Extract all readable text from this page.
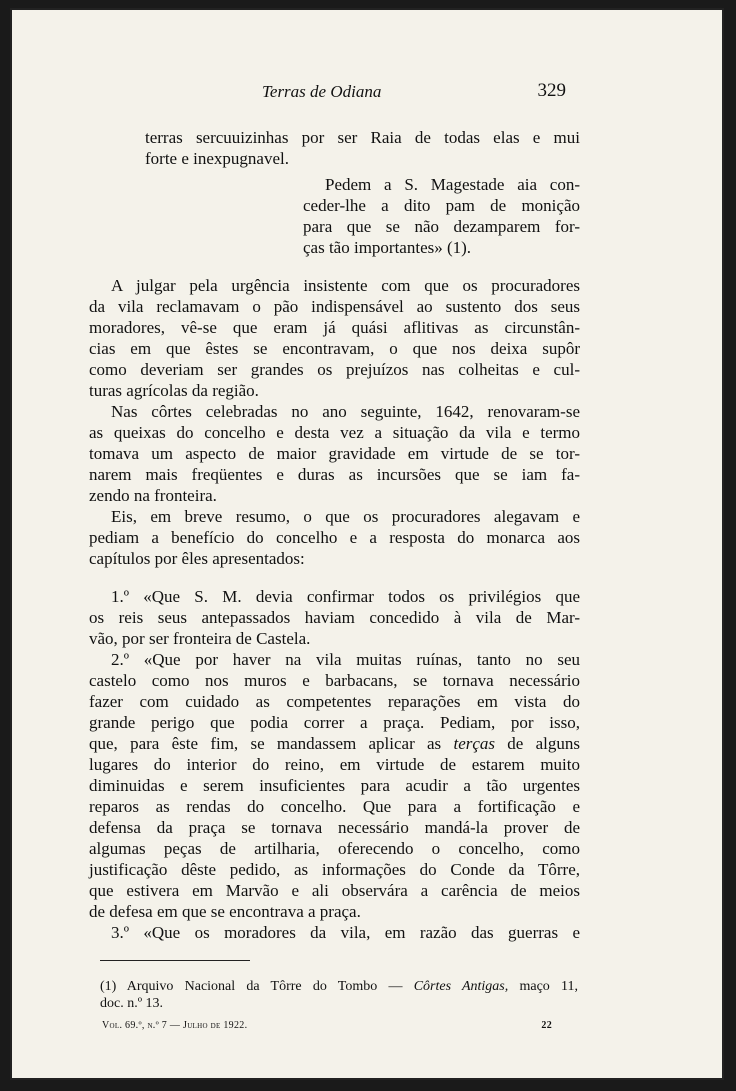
Terras de Odiana	329
terras sercuuizinhas por ser Raia de todas elas e mui
forte e inexpugnavel.
Pedem a S. Magestade aia con-
ceder-lhe a dito pam de monição
para que se não dezamparem for-
ças tão importantes» (1).
A julgar pela urgência insistente com que os procuradores
da vila reclamavam o pão indispensável ao sustento dos seus
moradores, vê-se que eram já quási aflitivas as circunstân-
cias em que êstes se encontravam, o que nos deixa supôr
como deveriam ser grandes os prejuízos nas colheitas e cul-
turas agrícolas da região.
Nas côrtes celebradas no ano seguinte, 1642, renovaram-se
as queixas do concelho e desta vez a situação da vila e termo
tomava um aspecto de maior gravidade em virtude de se tor-
narem mais freqüentes e duras as incursões que se iam fa-
zendo na fronteira.
Eis, em breve resumo, o que os procuradores alegavam e
pediam a benefício do concelho e a resposta do monarca aos
capítulos por êles apresentados:
1.º «Que S. M. devia confirmar todos os privilégios que
os reis seus antepassados haviam concedido à vila de Mar-
vão, por ser fronteira de Castela.
2.º «Que por haver na vila muitas ruínas, tanto no seu
castelo como nos muros e barbacans, se tornava necessário
fazer com cuidado as competentes reparações em vista do
grande perigo que podia correr a praça. Pediam, por isso,
que, para êste fim, se mandassem aplicar as terças de alguns
lugares do interior do reino, em virtude de estarem muito
diminuidas e serem insuficientes para acudir a tão urgentes
reparos as rendas do concelho. Que para a fortificação e
defensa da praça se tornava necessário mandá-la prover de
algumas peças de artilharia, oferecendo o concelho, como
justificação dêste pedido, as informações do Conde da Tôrre,
que estivera em Marvão e ali observára a carência de meios
de defesa em que se encontrava a praça.
3.º «Que os moradores da vila, em razão das guerras e
(1) Arquivo Nacional da Tôrre do Tombo — Côrtes Antigas, maço 11,
doc. n.º 13.
Vol. 69.º, n.º 7 — Julho de 1922.	22
